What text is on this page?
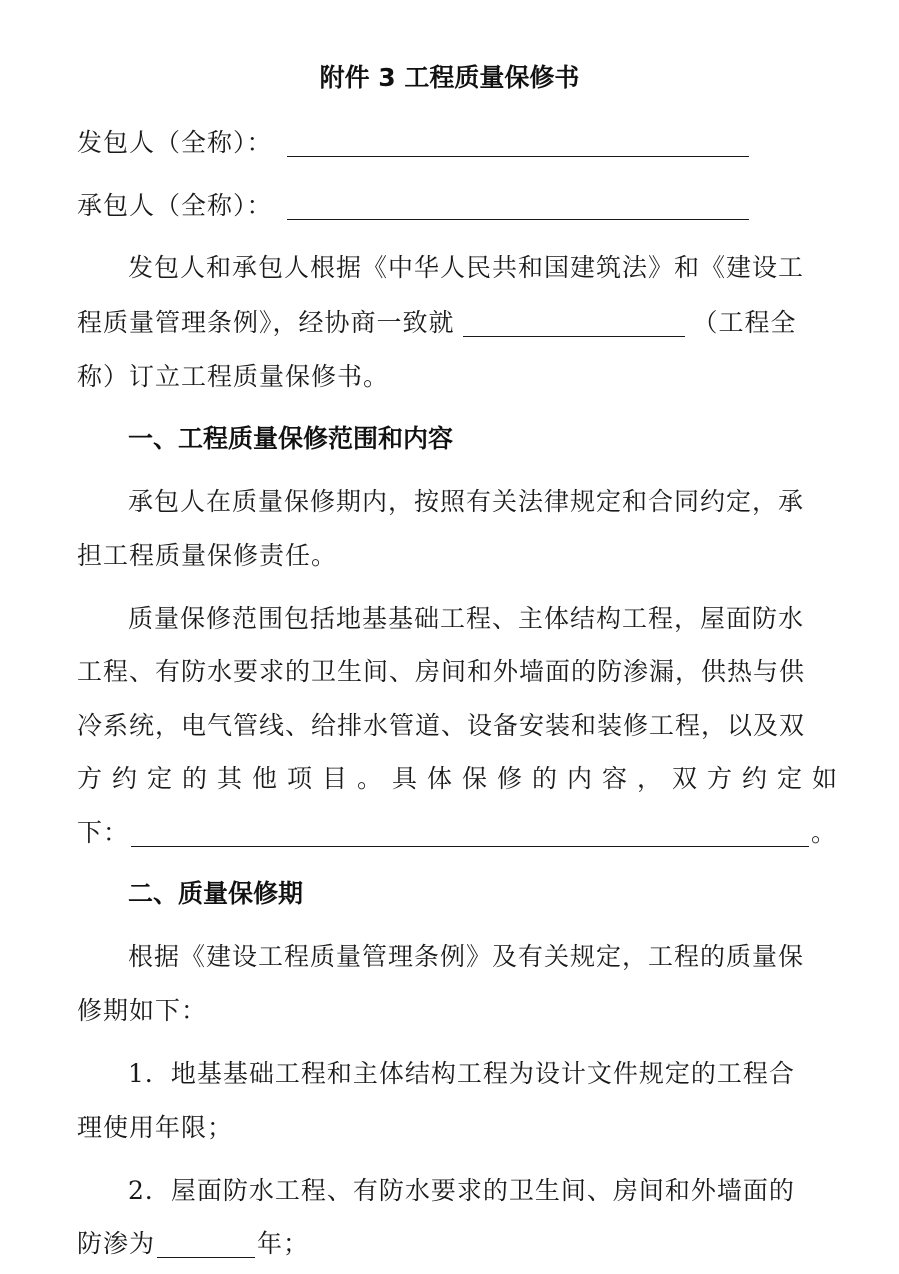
附件 3 工程质量保修书
发包人（全称）：
承包人（全称）：
发包人和承包人根据《中华人民共和国建筑法》和《建设工
程质量管理条例》，经协商一致就	（工程全
称）订立工程质量保修书。
一、工程质量保修范围和内容
承包人在质量保修期内，按照有关法律规定和合同约定，承
担工程质量保修责任。
质量保修范围包括地基基础工程、主体结构工程，屋面防水
工程、有防水要求的卫生间、房间和外墙面的防渗漏，供热与供
冷系统，电气管线、给排水管道、设备安装和装修工程，以及双
方约定的其他项目。具体保修的内容，双方约定如
下：	。
二、质量保修期
根据《建设工程质量管理条例》及有关规定，工程的质量保
修期如下：
1．地基基础工程和主体结构工程为设计文件规定的工程合
理使用年限；
2．屋面防水工程、有防水要求的卫生间、房间和外墙面的
防渗为	年；
